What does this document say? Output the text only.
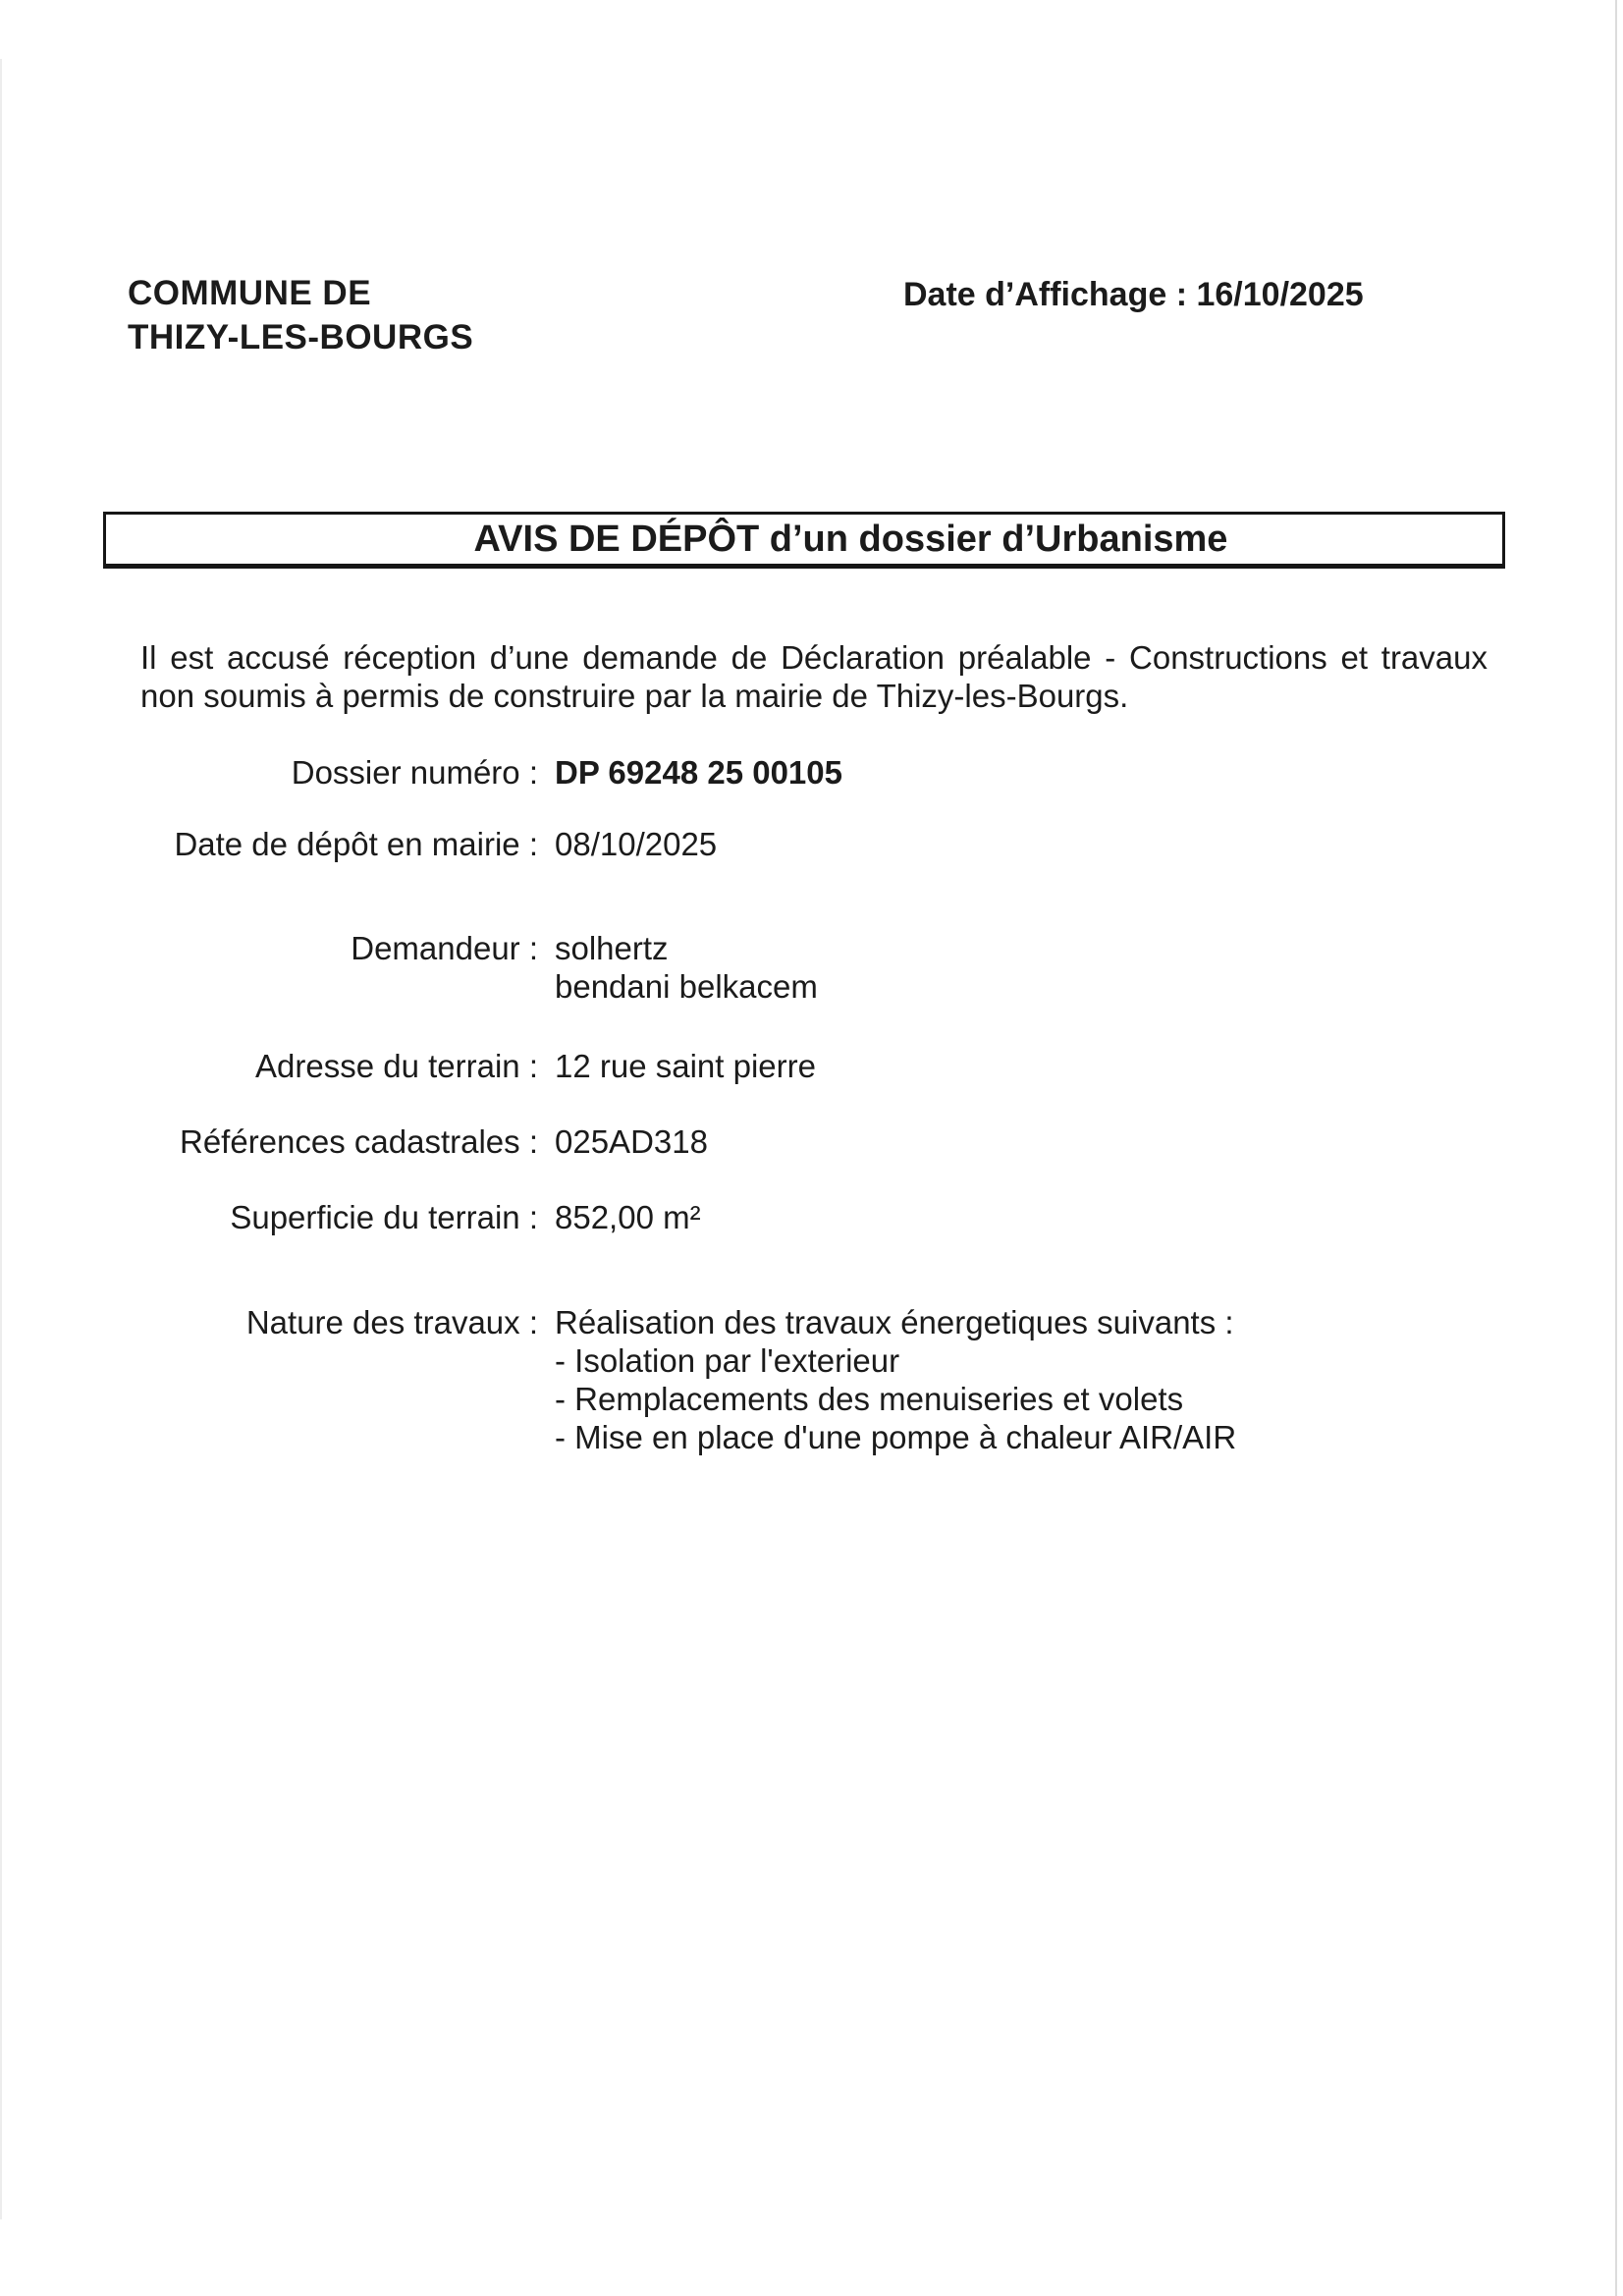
COMMUNE DE
THIZY-LES-BOURGS
Date d’Affichage : 16/10/2025
AVIS DE DÉPÔT d’un dossier d’Urbanisme
Il est accusé réception d’une demande de Déclaration préalable - Constructions et travaux
non soumis à permis de construire par la mairie de Thizy-les-Bourgs.
Dossier numéro : DP 69248 25 00105
Date de dépôt en mairie : 08/10/2025
Demandeur : solhertz
bendani belkacem
Adresse du terrain : 12 rue saint pierre
Références cadastrales : 025AD318
Superficie du terrain : 852,00 m²
Nature des travaux : Réalisation des travaux énergetiques suivants :
- Isolation par l'exterieur
- Remplacements des menuiseries et volets
- Mise en place d'une pompe à chaleur AIR/AIR
